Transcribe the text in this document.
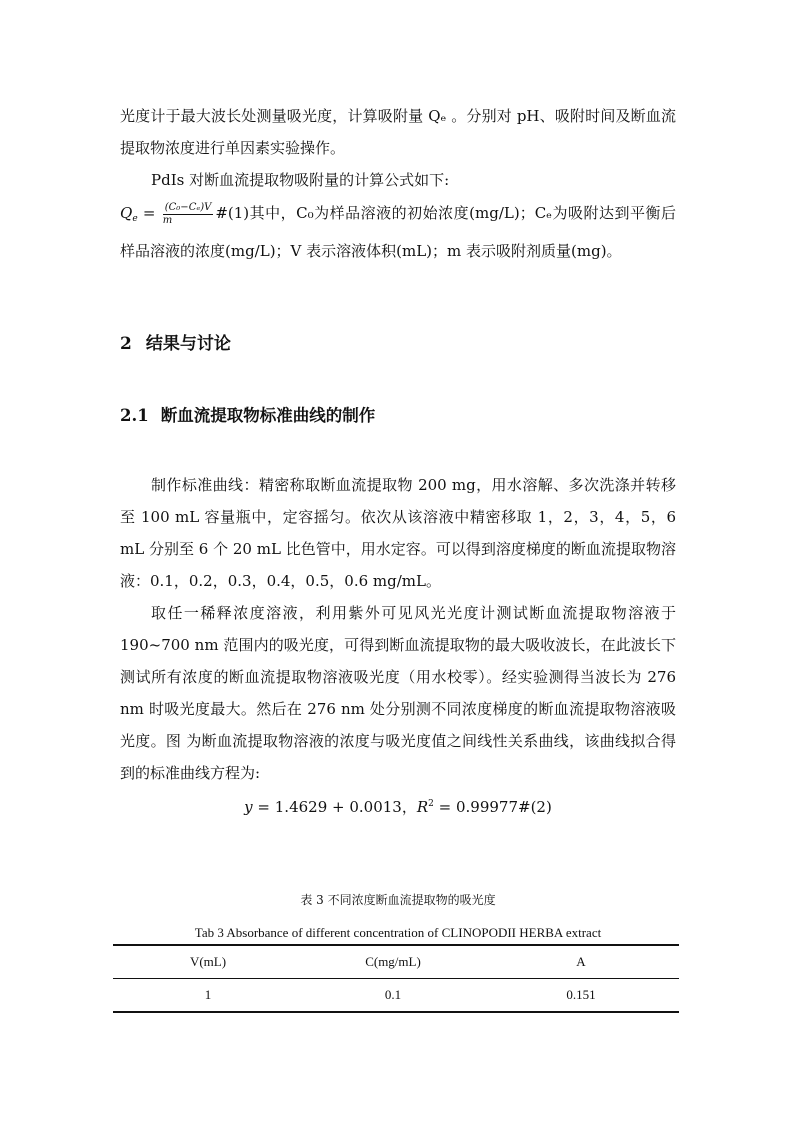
光度计于最大波长处测量吸光度，计算吸附量 Qₑ 。分别对 pH、吸附时间及断血流提取物浓度进行单因素实验操作。

PdIs 对断血流提取物吸附量的计算公式如下:

$Q_e = \frac{\text{(C₀−Cₑ)V}}{m}$ #(1)其中，C₀为样品溶液的初始浓度(mg/L)；Cₑ为吸附达到平衡后样品溶液的浓度(mg/L)；V 表示溶液体积(mL)；m 表示吸附剂质量(mg)。

2 结果与讨论
2.1 断血流提取物标准曲线的制作

制作标准曲线：精密称取断血流提取物 200 mg，用水溶解、多次洗涤并转移至 100 mL 容量瓶中，定容摇匀。依次从该溶液中精密移取 1，2，3，4，5，6 mL 分别至 6 个 20 mL 比色管中，用水定容。可以得到溶度梯度的断血流提取物溶液：0.1，0.2，0.3，0.4，0.5，0.6 mg/mL。

取任一稀释浓度溶液，利用紫外可见风光光度计测试断血流提取物溶液于 190~700 nm 范围内的吸光度，可得到断血流提取物的最大吸收波长，在此波长下测试所有浓度的断血流提取物溶液吸光度（用水校零）。经实验测得当波长为 276 nm 时吸光度最大。然后在 276 nm 处分别测不同浓度梯度的断血流提取物溶液吸光度。图 为断血流提取物溶液的浓度与吸光度值之间线性关系曲线，该曲线拟合得到的标准曲线方程为:

y = 1.4629 + 0.0013，$R^2$ = 0.99977#(2)
表 3 不同浓度断血流提取物的吸光度
Tab 3 Absorbance of different concentration of CLINOPODII HERBA extract
V(mL)	C(mg/mL)	A
1	0.1	0.151
